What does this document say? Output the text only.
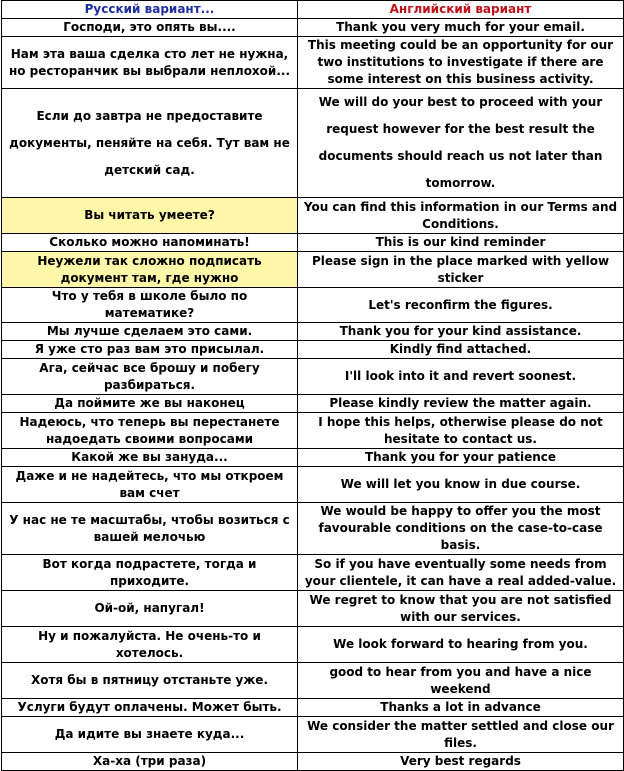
Русский вариант...	Английский вариант
Господи, это опять вы....	Thank you very much for your email.
Нам эта ваша сделка сто лет не нужна, но ресторанчик вы выбрали неплохой...	This meeting could be an opportunity for our two institutions to investigate if there are some interest on this business activity.
Если до завтра не предоставите документы, пеняйте на себя. Тут вам не детский сад.	We will do your best to proceed with your request however for the best result the documents should reach us not later than tomorrow.
Вы читать умеете?	You can find this information in our Terms and Conditions.
Сколько можно напоминать!	This is our kind reminder
Неужели так сложно подписать документ там, где нужно	Please sign in the place marked with yellow sticker
Что у тебя в школе было по математике?	Let's reconfirm the figures.
Мы лучше сделаем это сами.	Thank you for your kind assistance.
Я уже сто раз вам это присылал.	Kindly find attached.
Ага, сейчас все брошу и побегу разбираться.	I'll look into it and revert soonest.
Да поймите же вы наконец	Please kindly review the matter again.
Надеюсь, что теперь вы перестанете надоедать своими вопросами	I hope this helps, otherwise please do not hesitate to contact us.
Какой же вы зануда...	Thank you for your patience
Даже и не надейтесь, что мы откроем вам счет	We will let you know in due course.
У нас не те масштабы, чтобы возиться с вашей мелочью	We would be happy to offer you the most favourable conditions on the case-to-case basis.
Вот когда подрастете, тогда и приходите.	So if you have eventually some needs from your clientele, it can have a real added-value.
Ой-ой, напугал!	We regret to know that you are not satisfied with our services.
Ну и пожалуйста. Не очень-то и хотелось.	We look forward to hearing from you.
Хотя бы в пятницу отстаньте уже.	good to hear from you and have a nice weekend
Услуги будут оплачены. Может быть.	Thanks a lot in advance
Да идите вы знаете куда...	We consider the matter settled and close our files.
Ха-ха (три раза)	Very best regards
